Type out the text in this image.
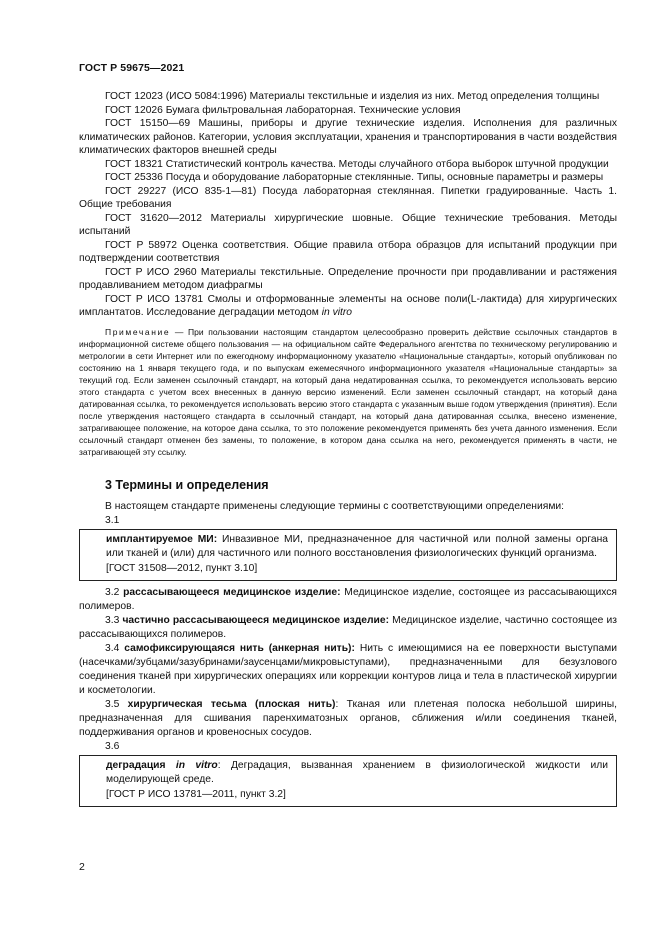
ГОСТ Р 59675—2021

ГОСТ 12023 (ИСО 5084:1996) Материалы текстильные и изделия из них. Метод определения толщины

ГОСТ 12026 Бумага фильтровальная лабораторная. Технические условия

ГОСТ 15150—69 Машины, приборы и другие технические изделия. Исполнения для различных климатических районов. Категории, условия эксплуатации, хранения и транспортирования в части воздействия климатических факторов внешней среды

ГОСТ 18321 Статистический контроль качества. Методы случайного отбора выборок штучной продукции

ГОСТ 25336 Посуда и оборудование лабораторные стеклянные. Типы, основные параметры и размеры

ГОСТ 29227 (ИСО 835-1—81) Посуда лабораторная стеклянная. Пипетки градуированные. Часть 1. Общие требования

ГОСТ 31620—2012 Материалы хирургические шовные. Общие технические требования. Методы испытаний

ГОСТ Р 58972 Оценка соответствия. Общие правила отбора образцов для испытаний продукции при подтверждении соответствия

ГОСТ Р ИСО 2960 Материалы текстильные. Определение прочности при продавливании и растяжения продавливанием методом диафрагмы

ГОСТ Р ИСО 13781 Смолы и отформованные элементы на основе поли(L-лактида) для хирургических имплантатов. Исследование деградации методом in vitro

Примечание — При пользовании настоящим стандартом целесообразно проверить действие ссылочных стандартов в информационной системе общего пользования — на официальном сайте Федерального агентства по техническому регулированию и метрологии в сети Интернет или по ежегодному информационному указателю «Национальные стандарты», который опубликован по состоянию на 1 января текущего года, и по выпускам ежемесячного информационного указателя «Национальные стандарты» за текущий год. Если заменен ссылочный стандарт, на который дана недатированная ссылка, то рекомендуется использовать версию этого стандарта с учетом всех внесенных в данную версию изменений. Если заменен ссылочный стандарт, на который дана датированная ссылка, то рекомендуется использовать версию этого стандарта с указанным выше годом утверждения (принятия). Если после утверждения настоящего стандарта в ссылочный стандарт, на который дана датированная ссылка, внесено изменение, затрагивающее положение, на которое дана ссылка, то это положение рекомендуется применять без учета данного изменения. Если ссылочный стандарт отменен без замены, то положение, в котором дана ссылка на него, рекомендуется применять в части, не затрагивающей эту ссылку.

3 Термины и определения

В настоящем стандарте применены следующие термины с соответствующими определениями:

3.1

имплантируемое МИ: Инвазивное МИ, предназначенное для частичной или полной замены органа или тканей и (или) для частичного или полного восстановления физиологических функций организма.

[ГОСТ 31508—2012, пункт 3.10]

3.2 рассасывающееся медицинское изделие: Медицинское изделие, состоящее из рассасывающихся полимеров.

3.3 частично рассасывающееся медицинское изделие: Медицинское изделие, частично состоящее из рассасывающихся полимеров.

3.4 самофиксирующаяся нить (анкерная нить): Нить с имеющимися на ее поверхности выступами (насечками/зубцами/зазубринами/заусенцами/микровыступами), предназначенными для безузлового соединения тканей при хирургических операциях или коррекции контуров лица и тела в пластической хирургии и косметологии.

3.5 хирургическая тесьма (плоская нить): Тканая или плетеная полоска небольшой ширины, предназначенная для сшивания паренхиматозных органов, сближения и/или соединения тканей, поддерживания органов и кровеносных сосудов.

3.6

деградация in vitro: Деградация, вызванная хранением в физиологической жидкости или моделирующей среде.

[ГОСТ Р ИСО 13781—2011, пункт 3.2]

2
